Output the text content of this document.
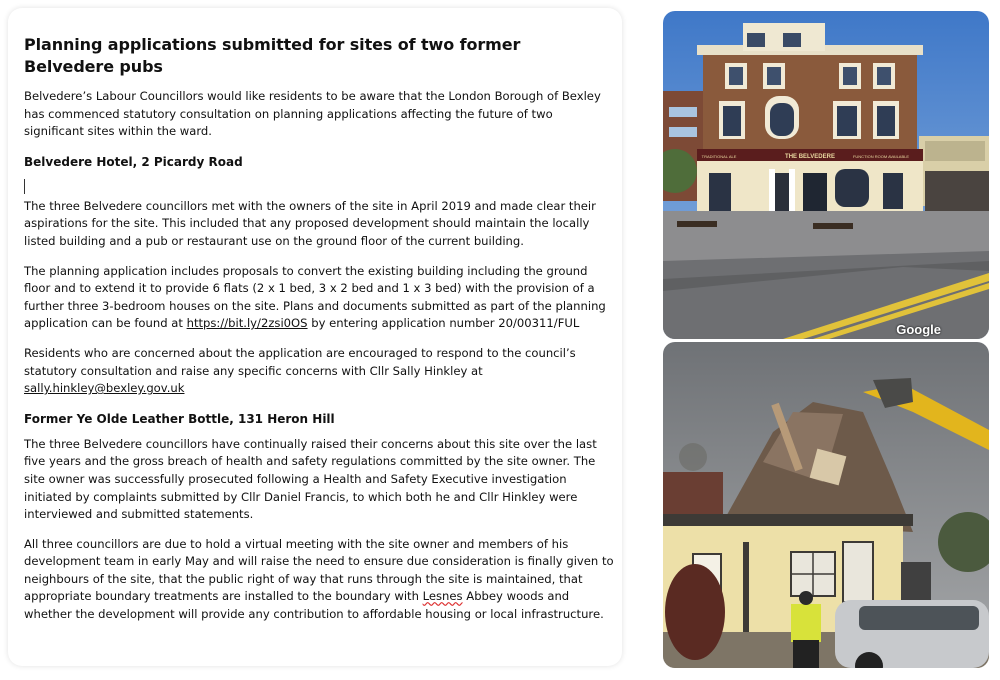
Planning applications submitted for sites of two former Belvedere pubs

Belvedere’s Labour Councillors would like residents to be aware that the London Borough of Bexley has commenced statutory consultation on planning applications affecting the future of two significant sites within the ward.

Belvedere Hotel, 2 Picardy Road

The three Belvedere councillors met with the owners of the site in April 2019 and made clear their aspirations for the site. This included that any proposed development should maintain the locally listed building and a pub or restaurant use on the ground floor of the current building.

The planning application includes proposals to convert the existing building including the ground floor and to extend it to provide 6 flats (2 x 1 bed, 3 x 2 bed and 1 x 3 bed) with the provision of a further three 3-bedroom houses on the site. Plans and documents submitted as part of the planning application can be found at https://bit.ly/2zsi0OS by entering application number 20/00311/FUL

Residents who are concerned about the application are encouraged to respond to the council’s statutory consultation and raise any specific concerns with Cllr Sally Hinkley at sally.hinkley@bexley.gov.uk

Former Ye Olde Leather Bottle, 131 Heron Hill

The three Belvedere councillors have continually raised their concerns about this site over the last five years and the gross breach of health and safety regulations committed by the site owner. The site owner was successfully prosecuted following a Health and Safety Executive investigation initiated by complaints submitted by Cllr Daniel Francis, to which both he and Cllr Hinkley were interviewed and submitted statements.

All three councillors are due to hold a virtual meeting with the site owner and members of his development team in early May and will raise the need to ensure due consideration is finally given to neighbours of the site, that the public right of way that runs through the site is maintained, that appropriate boundary treatments are installed to the boundary with Lesnes Abbey woods and whether the development will provide any contribution to affordable housing or local infrastructure.

THE BELVEDERE
TRADITIONAL ALE	FUNCTION ROOM AVAILABLE
Google
